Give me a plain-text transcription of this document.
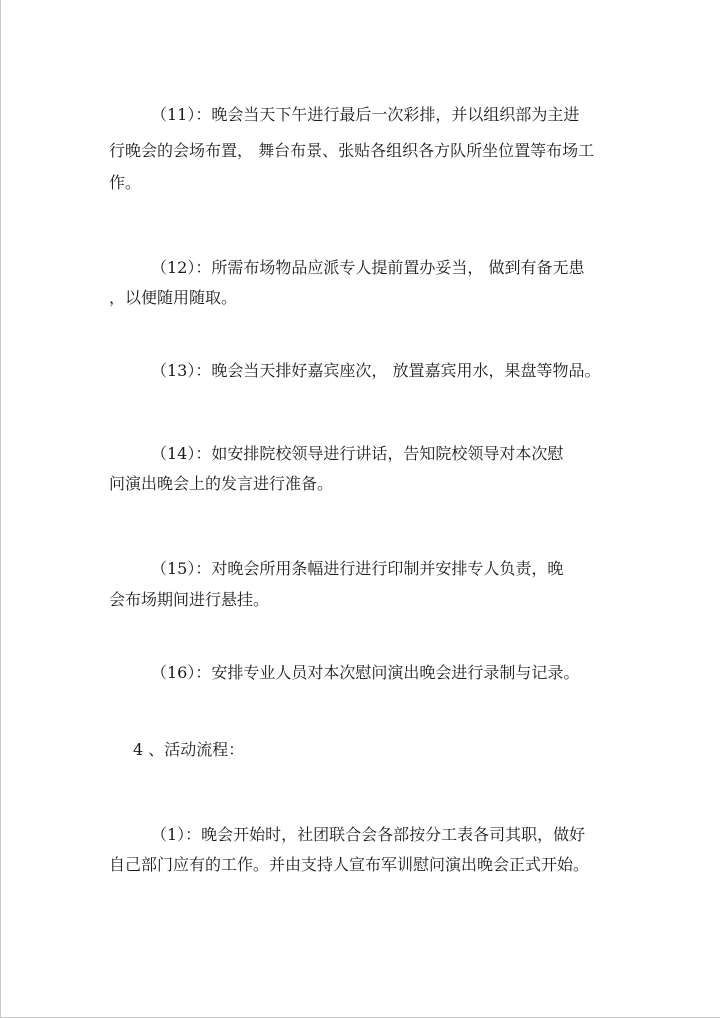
（11）：晚会当天下午进行最后一次彩排，并以组织部为主进
行晚会的会场布置， 舞台布景、张贴各组织各方队所坐位置等布场工
作。
（12）：所需布场物品应派专人提前置办妥当， 做到有备无患
，以便随用随取。
（13）：晚会当天排好嘉宾座次， 放置嘉宾用水，果盘等物品。
（14）：如安排院校领导进行讲话，告知院校领导对本次慰
问演出晚会上的发言进行准备。
（15）：对晚会所用条幅进行进行印制并安排专人负责，晚
会布场期间进行悬挂。
（16）：安排专业人员对本次慰问演出晚会进行录制与记录。
4 、活动流程：
（1）：晚会开始时，社团联合会各部按分工表各司其职，做好
自己部门应有的工作。并由支持人宣布军训慰问演出晚会正式开始。
